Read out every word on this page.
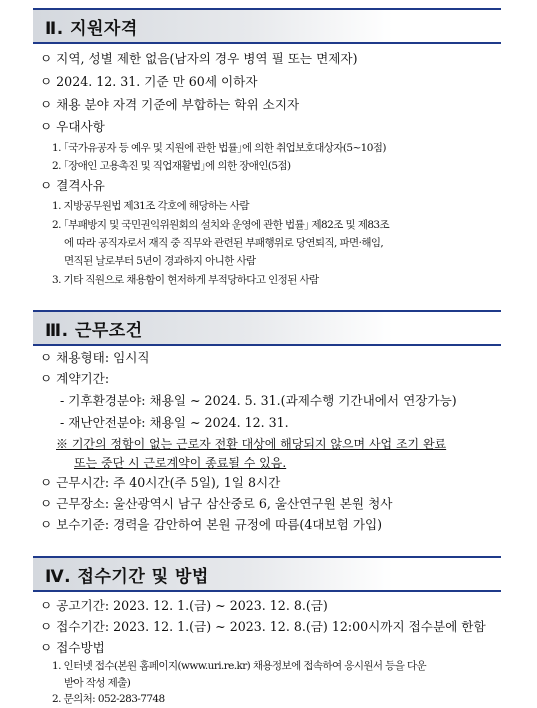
Ⅱ. 지원자격
ㅇ 지역, 성별 제한 없음(남자의 경우 병역 필 또는 면제자)
ㅇ 2024. 12. 31. 기준 만 60세 이하자
ㅇ 채용 분야 자격 기준에 부합하는 학위 소지자
ㅇ 우대사항
1. ｢국가유공자 등 예우 및 지원에 관한 법률｣에 의한 취업보호대상자(5~10점)
2. ｢장애인 고용촉진 및 직업재활법｣에 의한 장애인(5점)
ㅇ 결격사유
1. 지방공무원법 제31조 각호에 해당하는 사람
2. ｢부패방지 및 국민권익위원회의 설치와 운영에 관한 법률｣ 제82조 및 제83조
에 따라 공직자로서 재직 중 직무와 관련된 부패행위로 당연퇴직, 파면·해임,
면직된 날로부터 5년이 경과하지 아니한 사람
3. 기타 직원으로 채용함이 현저하게 부적당하다고 인정된 사람
Ⅲ. 근무조건
ㅇ 채용형태: 임시직
ㅇ 계약기간:
- 기후환경분야: 채용일 ~ 2024. 5. 31.(과제수행 기간내에서 연장가능)
- 재난안전분야: 채용일 ~ 2024. 12. 31.
※ 기간의 정함이 없는 근로자 전환 대상에 해당되지 않으며 사업 조기 완료
또는 중단 시 근로계약이 종료될 수 있음.
ㅇ 근무시간: 주 40시간(주 5일), 1일 8시간
ㅇ 근무장소: 울산광역시 남구 삼산중로 6, 울산연구원 본원 청사
ㅇ 보수기준: 경력을 감안하여 본원 규정에 따름(4대보험 가입)
Ⅳ. 접수기간 및 방법
ㅇ 공고기간: 2023. 12. 1.(금) ~ 2023. 12. 8.(금)
ㅇ 접수기간: 2023. 12. 1.(금) ~ 2023. 12. 8.(금) 12:00시까지 접수분에 한함
ㅇ 접수방법
1. 인터넷 접수(본원 홈페이지(www.uri.re.kr) 채용정보에 접속하여 응시원서 등을 다운
받아 작성 제출)
2. 문의처: 052-283-7748
